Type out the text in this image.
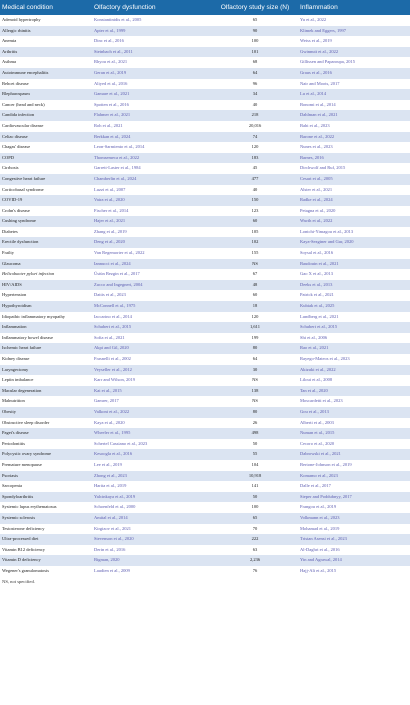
Medical condition	Olfactory dysfunction	Olfactory study size (N)	Inflammation
Adenoid hypertrophy	Konstantinidis et al., 2005	65	Yu et al., 2022
Allergic rhinitis	Apter et al., 1999	90	Klimek and Eggers, 1997
Anemia	Dinc et al., 2016	100	Weiss et al., 2019
Arthritis	Steinbach et al., 2011	101	Gwinnutt et al., 2022
Asthma	Rhyou et al., 2021	68	Gillissen and Paparoupa, 2015
Autoimmune encephalitis	Geran et al., 2019	64	Graus et al., 2016
Behcet disease	Aliyed et al., 2016	96	Nair and Moots, 2017
Blepharospasm	Gamare et al., 2021	34	Lu et al., 2014
Cancer (head and neck)	Spotten et al., 2016	40	Bonomi et al., 2014
Candida infection	Flahmer et al., 2021	218	Dahlman et al., 2021
Cardiovascular disease	Roh et al., 2021	20,016	Bahi et al., 2023
Celiac disease	Berkkan et al., 2024	74	Barone et al., 2022
Chagas' disease	Leon-Sarmiento et al., 2014	120	Nunes et al., 2023
COPD	Thomsemeca et al., 2022	183	Barnes, 2016
Cirrhosis	Garrett-Laster et al., 1984	45	Dirchwolf and Ruf, 2015
Congestive heart failure	Chamberlin et al., 2024	477	Cesari et al., 2005
Corticobasal syndrome	Luzzi et al., 2007	40	Alster et al., 2021
COVID-19	Vaira et al., 2020	150	Radke et al., 2024
Crohn's disease	Fischer et al., 2014	123	Petagna et al., 2020
Cushing syndrome	Hajer et al., 2021	60	Wurth et al., 2022
Diabetes	Zhang et al., 2019	105	Lontchi-Yimagou et al., 2013
Erectile dysfunction	Deng et al., 2020	102	Kaya-Sezginer and Gur, 2020
Frailty	Van Regemorter et al., 2022	155	Soysal et al., 2016
Glaucoma	Iannucci et al., 2024	NS	Baudouin et al., 2021
Helicobacter pylori infection	Üstün Bezgin et al., 2017	67	Gao X et al., 2013
HIV/AIDS	Zucco and Ingegneri, 2004	48	Deeks et al., 2013
Hypertension	Dattis et al., 2023	60	Patrick et al., 2021
Hypothyroidism	McConnell et al., 1975	18	Kubiak et al., 2025
Idiopathic inflammatory myopathy	Iaccarino et al., 2014	120	Lundberg et al., 2021
Inflammation	Schubert et al., 2015	1,611	Schubert et al., 2015
Inflammatory bowel disease	Sofia et al., 2021	199	Shi et al., 2006
Ischemic heart failure	Akpi and Gil, 2020	80	Rao et al., 2021
Kidney disease	Frasnelli et al., 2002	64	Rayego-Mateos et al., 2023
Laryngectomy	Veyseller et al., 2012	30	Akizuki et al., 2022
Leptin imbalance	Karr and Wilson, 2019	NS	Liloui et al., 2008
Macular degeneration	Kai et al., 2015	138	Tan et al., 2020
Malnutrition	Gamrer, 2017	NS	Moscardetti et al., 2023
Obesity	Valkoni et al., 2022	80	Gou et al., 2013
Obstructive sleep disorder	Kaya et al., 2020	26	Alberti et al., 2003
Paget's disease	Wheeler et al., 1995	498	Numan et al., 2015
Periodontitis	Schertel Cassiano et al., 2023	50	Cecoro et al., 2020
Polycystic ovary syndrome	Kesoogla et al., 2016	55	Dabrowski et al., 2021
Premature menopause	Lee et al., 2019	104	Bertone-Johnson et al., 2019
Psoriasis	Zhong et al., 2023	10,918	Komamo et al., 2023
Sarcopenia	Harita et al., 2019	141	Dalle et al., 2017
Spondyloarthritis	Yalcinkaya et al., 2019	50	Sieper and Poddubnyy, 2017
Systemic lupus erythematosus	Schoenfeld et al., 2000	100	Frangou et al., 2019
Systemic sclerosis	Amital et al., 2014	65	Volkmann et al., 2023
Testosterone deficiency	Kirgizov et al., 2021	70	Mohamad et al., 2019
Ultra-processed diet	Stevenson et al., 2020	222	Tristan Asensi et al., 2023
Vitamin B12 deficiency	Derin et al., 2016	63	Al-Daghri et al., 2016
Vitamin D deficiency	Bigman, 2020	2,236	Yin and Agrawal, 2014
Wegener's granulomatosis	Laudien et al., 2009	76	Hajj-Ali et al., 2015
NS, not specified.
